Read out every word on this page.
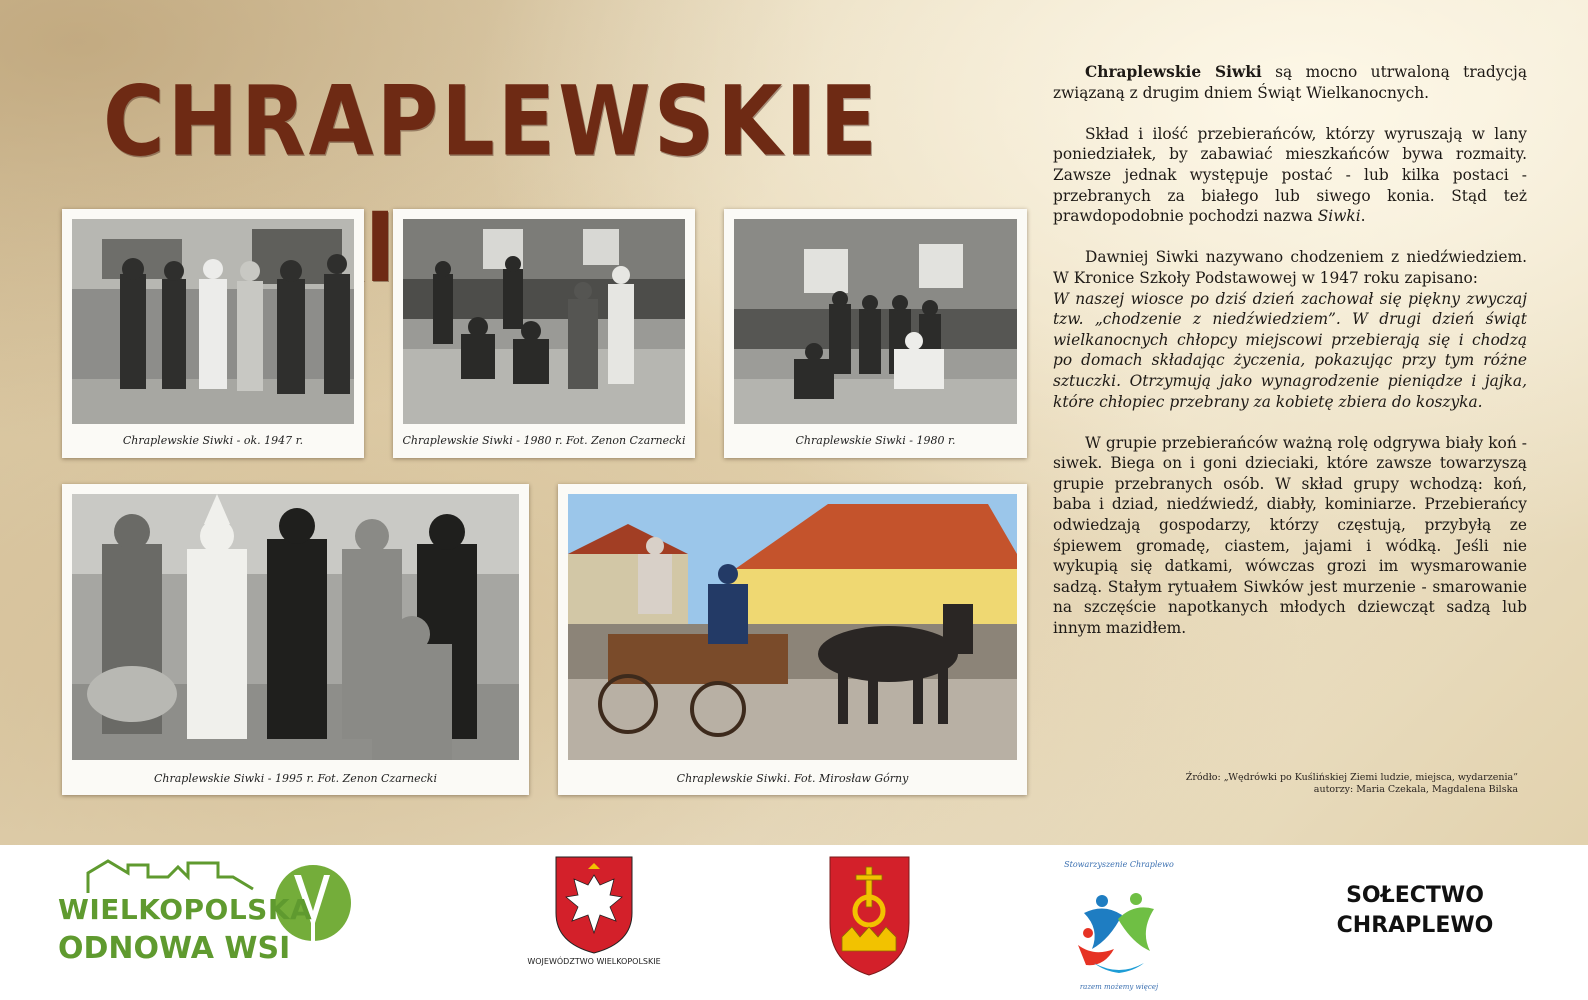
CHRAPLEWSKIE
Chraplewskie Siwki - ok. 1947 r.	Chraplewskie Siwki - 1980 r. Fot. Zenon Czarnecki	Chraplewskie Siwki - 1980 r.
Chraplewskie Siwki - 1995 r. Fot. Zenon Czarnecki	Chraplewskie Siwki. Fot. Mirosław Górny

Chraplewskie Siwki są mocno utrwaloną tradycją związaną z drugim dniem Świąt Wielkanocnych.

Skład i ilość przebierańców, którzy wyruszają w lany poniedziałek, by zabawiać mieszkańców bywa rozmaity. Zawsze jednak występuje postać - lub kilka postaci - przebranych za białego lub siwego konia. Stąd też prawdopodobnie pochodzi nazwa Siwki.

Dawniej Siwki nazywano chodzeniem z niedźwiedziem. W Kronice Szkoły Podstawowej w 1947 roku zapisano:

W naszej wiosce po dziś dzień zachował się piękny zwyczaj tzw. „chodzenie z niedźwiedziem”. W drugi dzień świąt wielkanocnych chłopcy miejscowi przebierają się i chodzą po domach składając życzenia, pokazując przy tym różne sztuczki. Otrzymują jako wynagrodzenie pieniądze i jajka, które chłopiec przebrany za kobietę zbiera do koszyka.

W grupie przebierańców ważną rolę odgrywa biały koń - siwek. Biega on i goni dzieciaki, które zawsze towarzyszą grupie przebranych osób. W skład grupy wchodzą: koń, baba i dziad, niedźwiedź, diabły, kominiarze. Przebierańcy odwiedzają gospodarzy, którzy częstują, przybyłą ze śpiewem gromadę, ciastem, jajami i wódką. Jeśli nie wykupią się datkami, wówczas grozi im wysmarowanie sadzą. Stałym rytuałem Siwków jest murzenie - smarowanie na szczęście napotkanych młodych dziewcząt sadzą lub innym mazidłem.

Źródło: „Wędrówki po Kuślińskiej Ziemi ludzie, miejsca, wydarzenia”
autorzy: Maria Czekala, Magdalena Bilska
WIELKOPOLSKA
ODNOWA WSI	WOJEWÓDZTWO WIELKOPOLSKIE
Stowarzyszenie Chraplewo
razem możemy więcej
SOŁECTWO
CHRAPLEWO
